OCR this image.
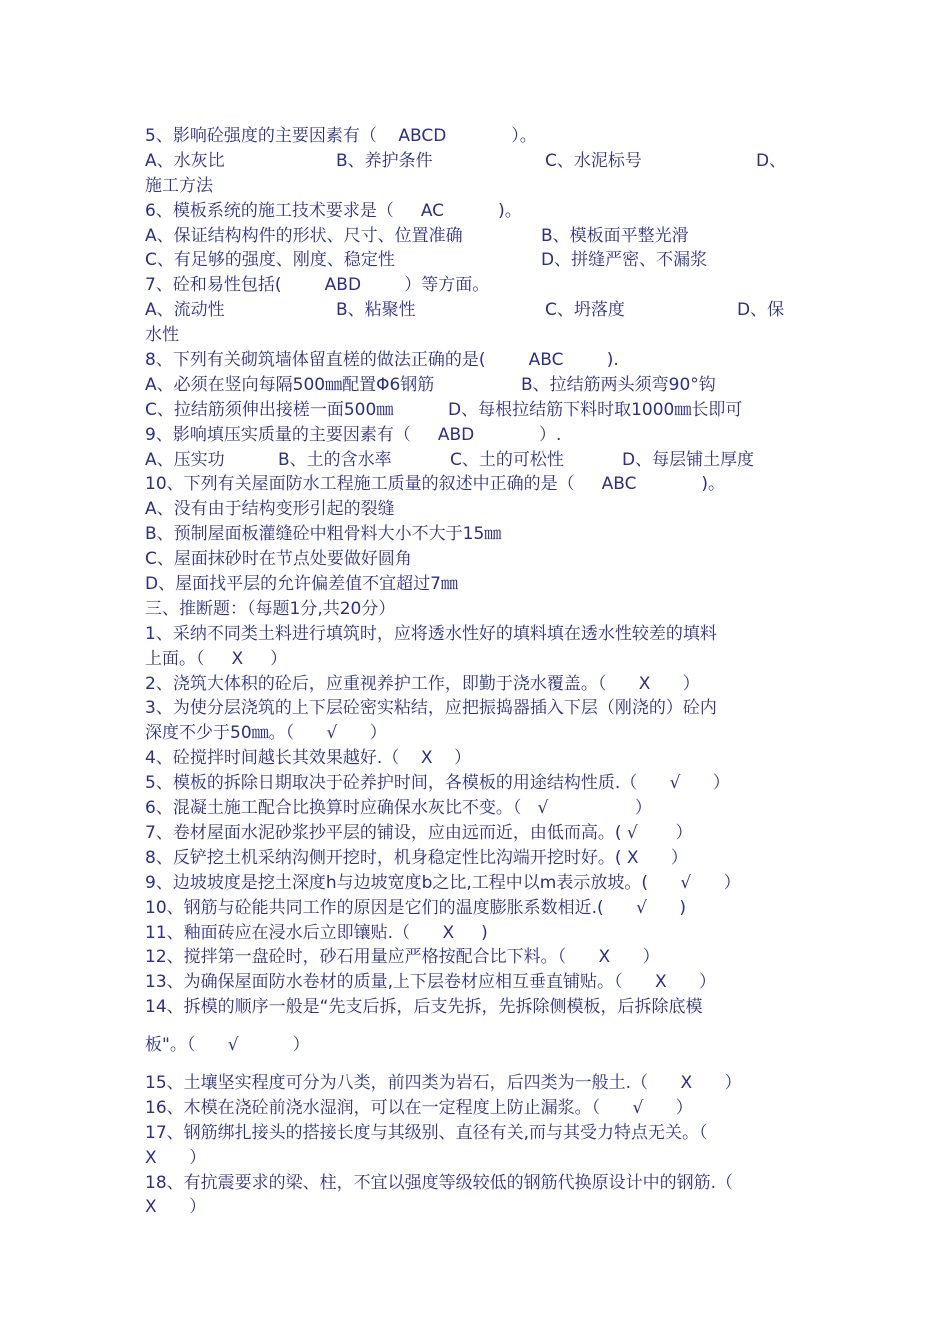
5、影响砼强度的主要因素有（    ABCD            ）。

A、水灰比

	B、养护条件

	C、水泥标号

	D、

施工方法
6、模板系统的施工技术要求是（     AC          )。

A、保证结构构件的形状、尺寸、位置准确

	B、模板面平整光滑

C、有足够的强度、刚度、稳定性

	D、拼缝严密、不漏浆

7、砼和易性包括(        ABD        ）等方面。

A、流动性

	B、粘聚性

	C、坍落度

	D、保

水性
8、下列有关砌筑墙体留直槎的做法正确的是(        ABC        ).

A、必须在竖向每隔500㎜配置Φ6钢筋

	B、拉结筋两头须弯90°钩

C、拉结筋须伸出接槎一面500㎜

	D、每根拉结筋下料时取1000㎜长即可

9、影响填压实质量的主要因素有（     ABD            ）.

A、压实功

	B、土的含水率

	C、土的可松性

	D、每层铺土厚度

10、下列有关屋面防水工程施工质量的叙述中正确的是（     ABC            )。
A、没有由于结构变形引起的裂缝
B、预制屋面板灌缝砼中粗骨料大小不大于15㎜
C、屋面抹砂时在节点处要做好圆角
D、屋面找平层的允许偏差值不宜超过7㎜
三、推断题：（每题1分,共20分）
1、采纳不同类土料进行填筑时，应将透水性好的填料填在透水性较差的填料
上面。（     X     ）
2、浇筑大体积的砼后，应重视养护工作，即勤于浇水覆盖。（      X      ）
3、为使分层浇筑的上下层砼密实粘结，应把振捣器插入下层（刚浇的）砼内
深度不少于50㎜。（      √      ）
4、砼搅拌时间越长其效果越好.（    X    ）
5、模板的拆除日期取决于砼养护时间，各模板的用途结构性质.（      √      ）
6、混凝土施工配合比换算时应确保水灰比不变。（   √                ）
7、卷材屋面水泥砂浆抄平层的铺设，应由远而近，由低而高。( √       ）
8、反铲挖土机采纳沟侧开挖时，机身稳定性比沟端开挖时好。( X      ）
9、边坡坡度是挖土深度h与边坡宽度b之比,工程中以m表示放坡。(      √      ）
10、钢筋与砼能共同工作的原因是它们的温度膨胀系数相近.(      √      )
11、釉面砖应在浸水后立即镶贴.（      X     )
12、搅拌第一盘砼时，砂石用量应严格按配合比下料。（      X      ）
13、为确保屋面防水卷材的质量,上下层卷材应相互垂直铺贴。（      X      ）
14、拆模的顺序一般是“先支后拆，后支先拆，先拆除侧模板，后拆除底模
板"。（      √          ）
15、土壤坚实程度可分为八类，前四类为岩石，后四类为一般土.（      X      ）
16、木模在浇砼前浇水湿润，可以在一定程度上防止漏浆。（      √      ）
17、钢筋绑扎接头的搭接长度与其级别、直径有关,而与其受力特点无关。（
X      ）
18、有抗震要求的梁、柱，不宜以强度等级较低的钢筋代换原设计中的钢筋.（
X      ）
